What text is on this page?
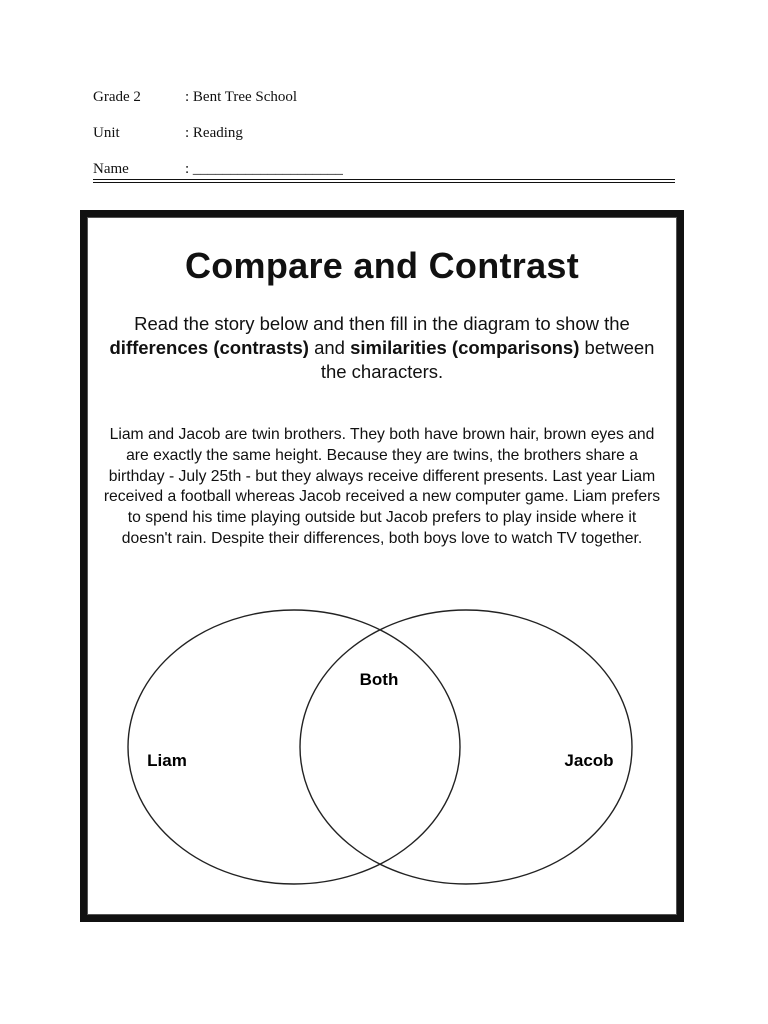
Grade 2	: Bent Tree School
Unit	: Reading
Name	: ____________________
Compare and Contrast
Read the story below and then fill in the diagram to show the differences (contrasts) and similarities (comparisons) between the characters.
Liam and Jacob are twin brothers. They both have brown hair, brown eyes and are exactly the same height. Because they are twins, the brothers share a birthday - July 25th - but they always receive different presents. Last year Liam received a football whereas Jacob received a new computer game. Liam prefers to spend his time playing outside but Jacob prefers to play inside where it doesn't rain. Despite their differences, both boys love to watch TV together.
Both
Liam	Jacob
